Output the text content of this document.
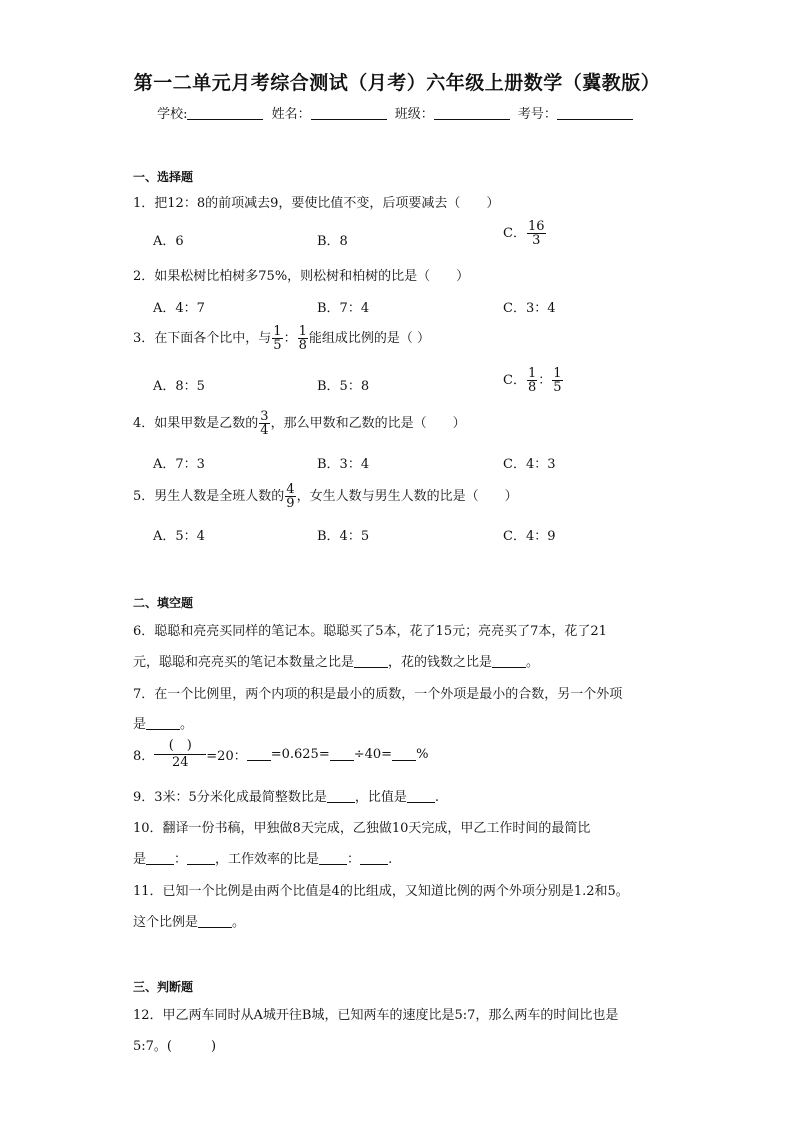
第一二单元月考综合测试（月考）六年级上册数学（冀教版）
学校:	姓名：	班级：	考号：
一、选择题
1．把12：8的前项减去9，要使比值不变，后项要减去（　　）
A．6	B．8
C． $\frac{16}{3}$
2．如果松树比柏树多75%，则松树和柏树的比是（　　）
A．4：7	B．7：4	C．3：4
3．在下面各个比中，与 $\frac{1}{5}$ ： $\frac{1}{8}$ 能组成比例的是（ ）
A．8：5	B．5：8	C． $\frac{1}{8}$ ： $\frac{1}{5}$
4．如果甲数是乙数的 $\frac{3}{4}$ ，那么甲数和乙数的比是（　　）
A．7：3	B．3：4	C．4：3
5．男生人数是全班人数的 $\frac{4}{9}$ ，女生人数与男生人数的比是（　　）
A．5：4	B．4：5	C．4：9
二、填空题
6．聪聪和亮亮买同样的笔记本。聪聪买了5本，花了15元；亮亮买了7本，花了21
元，聪聪和亮亮买的笔记本数量之比是	，花的钱数之比是	。
7．在一个比例里，两个内项的积是最小的质数，一个外项是最小的合数，另一个外项
是	。
8．
(　)
24	=20： =0.625= ÷40= %
9．3米：5分米化成最简整数比是 ，比值是 .
10．翻译一份书稿，甲独做8天完成，乙独做10天完成，甲乙工作时间的最简比
是 ： ，工作效率的比是 ： .
11．已知一个比例是由两个比值是4的比组成，又知道比例的两个外项分别是1.2和5。
这个比例是	。
三、判断题
12．甲乙两车同时从A城开往B城，已知两车的速度比是5:7，那么两车的时间比也是
5:7。(　　　)
